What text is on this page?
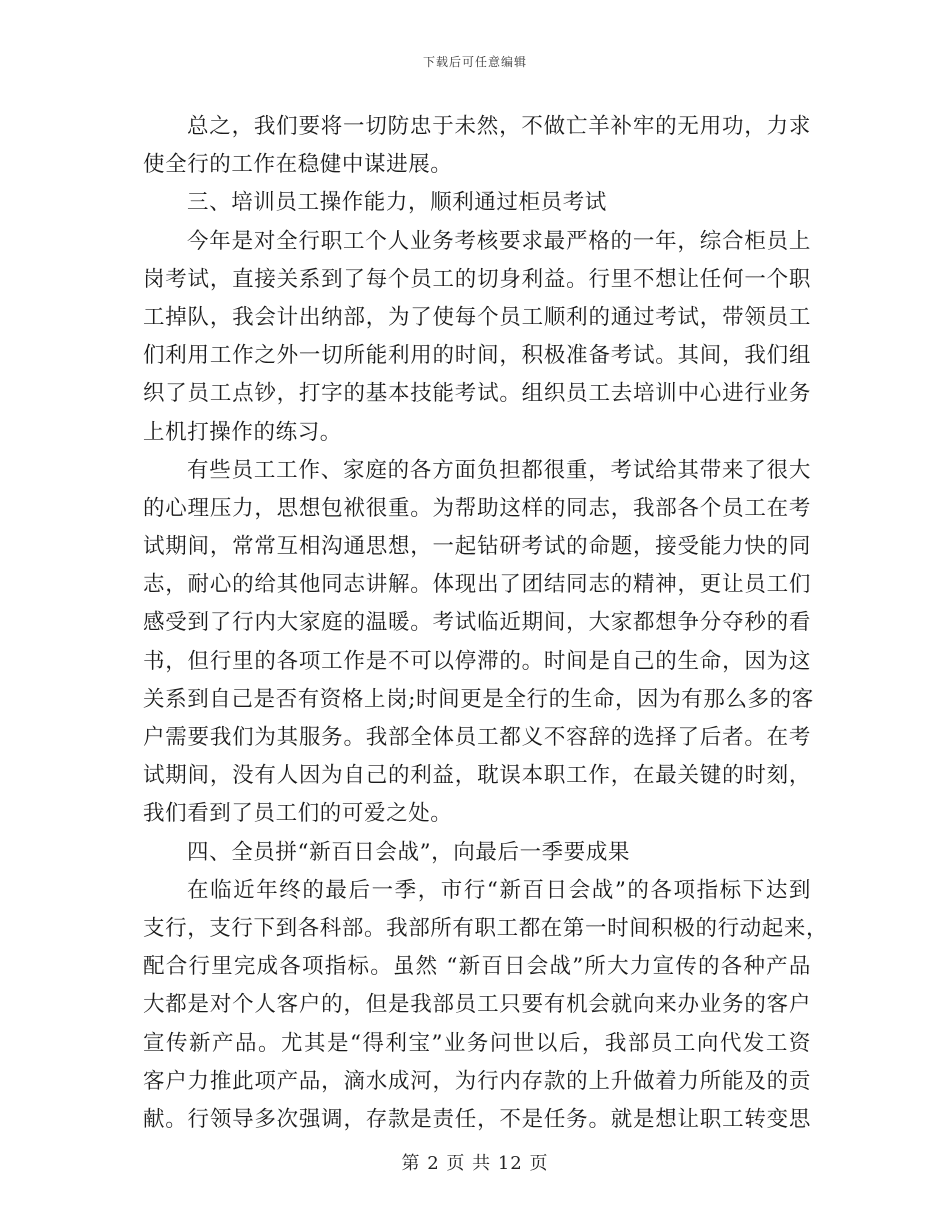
下载后可任意编辑
总之，我们要将一切防忠于未然，不做亡羊补牢的无用功，力求
使全行的工作在稳健中谋进展。
三、培训员工操作能力，顺利通过柜员考试
今年是对全行职工个人业务考核要求最严格的一年，综合柜员上
岗考试，直接关系到了每个员工的切身利益。行里不想让任何一个职
工掉队，我会计出纳部，为了使每个员工顺利的通过考试，带领员工
们利用工作之外一切所能利用的时间，积极准备考试。其间，我们组
织了员工点钞，打字的基本技能考试。组织员工去培训中心进行业务
上机打操作的练习。
有些员工工作、家庭的各方面负担都很重，考试给其带来了很大
的心理压力，思想包袱很重。为帮助这样的同志，我部各个员工在考
试期间，常常互相沟通思想，一起钻研考试的命题，接受能力快的同
志，耐心的给其他同志讲解。体现出了团结同志的精神，更让员工们
感受到了行内大家庭的温暖。考试临近期间，大家都想争分夺秒的看
书，但行里的各项工作是不可以停滞的。时间是自己的生命，因为这
关系到自己是否有资格上岗;时间更是全行的生命，因为有那么多的客
户需要我们为其服务。我部全体员工都义不容辞的选择了后者。在考
试期间，没有人因为自己的利益，耽误本职工作，在最关键的时刻，
我们看到了员工们的可爱之处。
四、全员拼“新百日会战”，向最后一季要成果
在临近年终的最后一季，市行“新百日会战”的各项指标下达到
支行，支行下到各科部。我部所有职工都在第一时间积极的行动起来，
配合行里完成各项指标。虽然 “新百日会战”所大力宣传的各种产品
大都是对个人客户的，但是我部员工只要有机会就向来办业务的客户
宣传新产品。尤其是“得利宝”业务问世以后，我部员工向代发工资
客户力推此项产品，滴水成河，为行内存款的上升做着力所能及的贡
献。行领导多次强调，存款是责任，不是任务。就是想让职工转变思
第 2 页 共 12 页
